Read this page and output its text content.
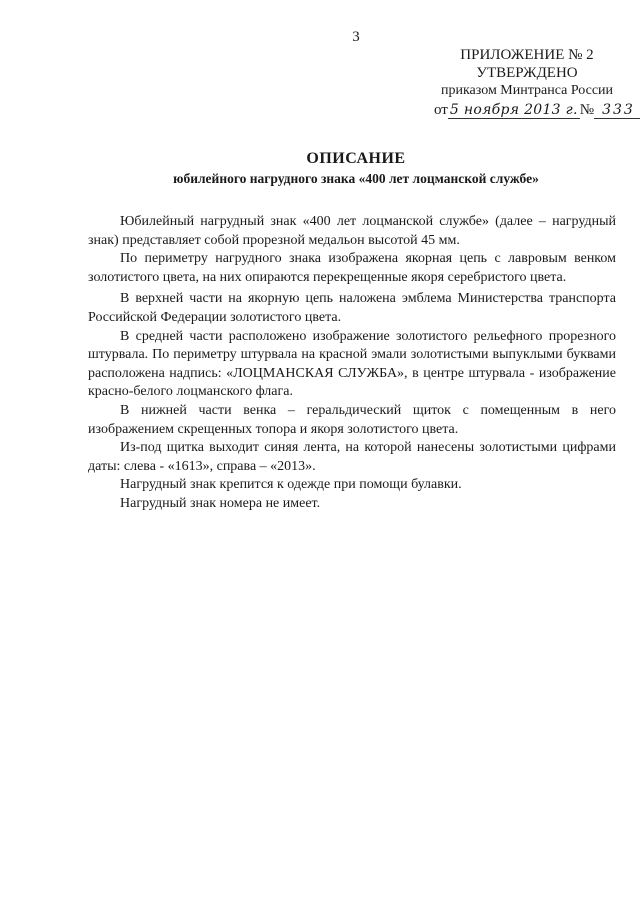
3
ПРИЛОЖЕНИЕ № 2
УТВЕРЖДЕНО
приказом Минтранса России
от 5 ноября 2013 г. № 333
ОПИСАНИЕ
юбилейного нагрудного знака «400 лет лоцманской службе»

Юбилейный нагрудный знак «400 лет лоцманской службе» (далее – нагрудный знак) представляет собой прорезной медальон высотой 45 мм.

По периметру нагрудного знака изображена якорная цепь с лавровым венком золотистого цвета, на них опираются перекрещенные якоря серебристого цвета.

В верхней части на якорную цепь наложена эмблема Министерства транспорта Российской Федерации золотистого цвета.

В средней части расположено изображение золотистого рельефного прорезного штурвала. По периметру штурвала на красной эмали золотистыми выпуклыми буквами расположена надпись: «ЛОЦМАНСКАЯ СЛУЖБА», в центре штурвала - изображение красно-белого лоцманского флага.

В нижней части венка – геральдический щиток с помещенным в него изображением скрещенных топора и якоря золотистого цвета.

Из-под щитка выходит синяя лента, на которой нанесены золотистыми цифрами даты: слева - «1613», справа – «2013».

Нагрудный знак крепится к одежде при помощи булавки.

Нагрудный знак номера не имеет.
